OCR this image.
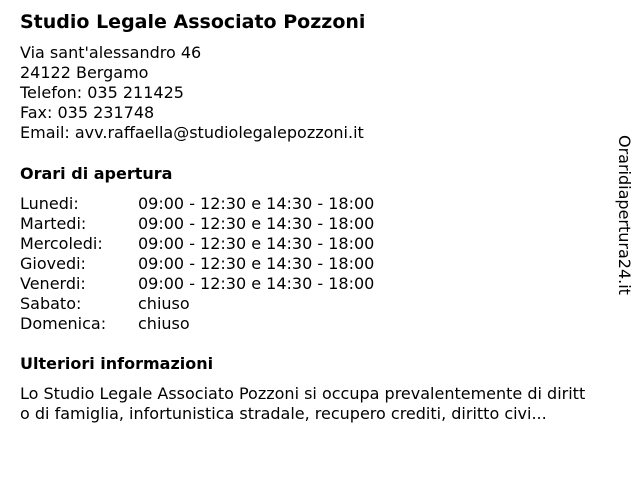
Studio Legale Associato Pozzoni
Via sant'alessandro 46
24122 Bergamo
Telefon: 035 211425
Fax: 035 231748
Email: avv.raffaella@studiolegalepozzoni.it
Orari di apertura
Lunedi:	09:00 - 12:30 e 14:30 - 18:00
Martedi:	09:00 - 12:30 e 14:30 - 18:00
Mercoledi: 09:00 - 12:30 e 14:30 - 18:00
Giovedi:	09:00 - 12:30 e 14:30 - 18:00
Venerdi:	09:00 - 12:30 e 14:30 - 18:00
Sabato:	chiuso
Domenica: chiuso
Ulteriori informazioni
Lo Studio Legale Associato Pozzoni si occupa prevalentemente di diritt
o di famiglia, infortunistica stradale, recupero crediti, diritto civi...
Oraridiapertura24.it
